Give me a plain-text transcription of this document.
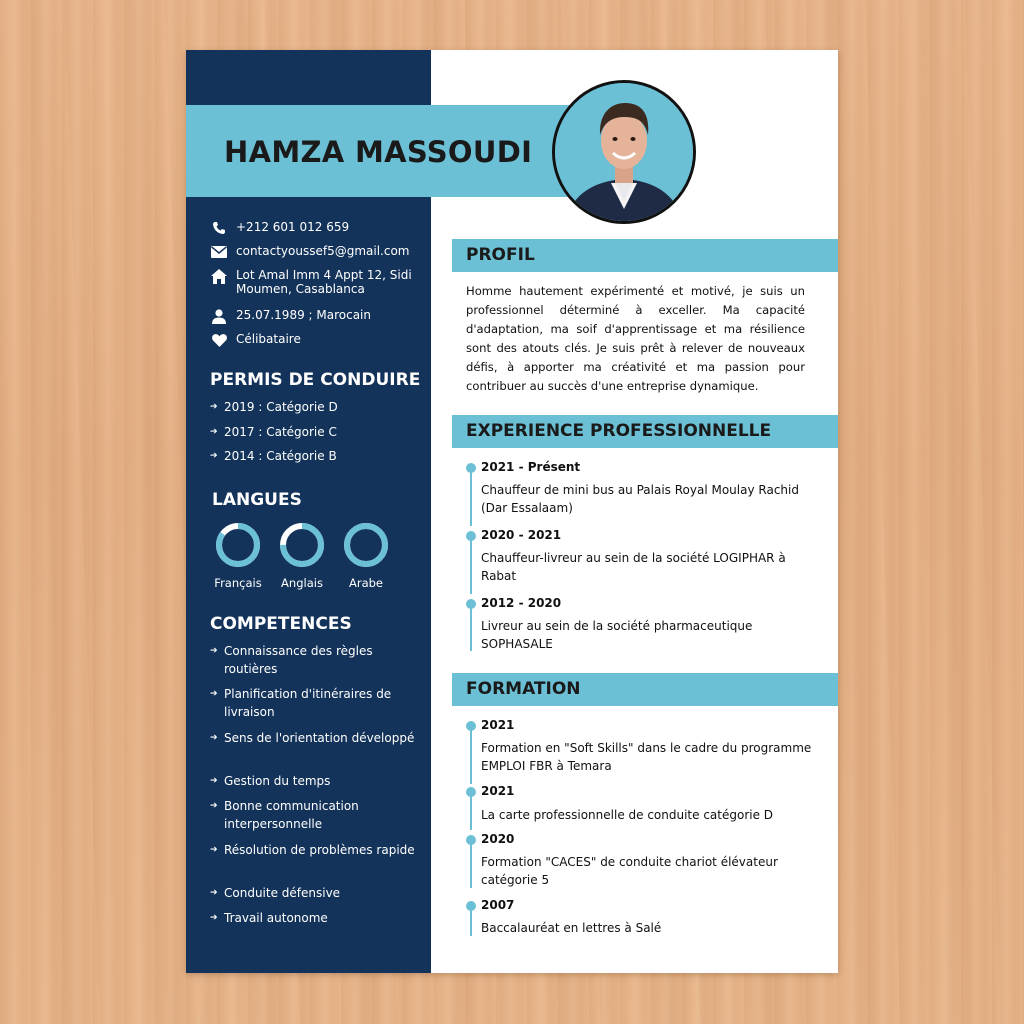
HAMZA MASSOUDI
+212 601 012 659
contactyoussef5@gmail.com
Lot Amal Imm 4 Appt 12, Sidi Moumen, Casablanca
25.07.1989 ; Marocain
Célibataire
PERMIS DE CONDUIRE
➔ 2019 : Catégorie D
➔ 2017 : Catégorie C
➔ 2014 : Catégorie B
LANGUES
Français	Anglais	Arabe
COMPETENCES
➔ Connaissance des règles routières
➔ Planification d'itinéraires de livraison
➔ Sens de l'orientation développé
➔ Gestion du temps
➔ Bonne communication interpersonnelle
➔ Résolution de problèmes rapide
➔ Conduite défensive
➔ Travail autonome
PROFIL
Homme hautement expérimenté et motivé, je suis un professionnel déterminé à exceller. Ma capacité d'adaptation, ma soif d'apprentissage et ma résilience sont des atouts clés. Je suis prêt à relever de nouveaux défis, à apporter ma créativité et ma passion pour contribuer au succès d'une entreprise dynamique.
EXPERIENCE PROFESSIONNELLE
2021 - Présent
Chauffeur de mini bus au Palais Royal Moulay Rachid (Dar Essalaam)
2020 - 2021
Chauffeur-livreur au sein de la société LOGIPHAR à Rabat
2012 - 2020
Livreur au sein de la société pharmaceutique SOPHASALE
FORMATION
2021
Formation en "Soft Skills" dans le cadre du programme EMPLOI FBR à Temara
2021
La carte professionnelle de conduite catégorie D
2020
Formation "CACES" de conduite chariot élévateur catégorie 5
2007
Baccalauréat en lettres à Salé
